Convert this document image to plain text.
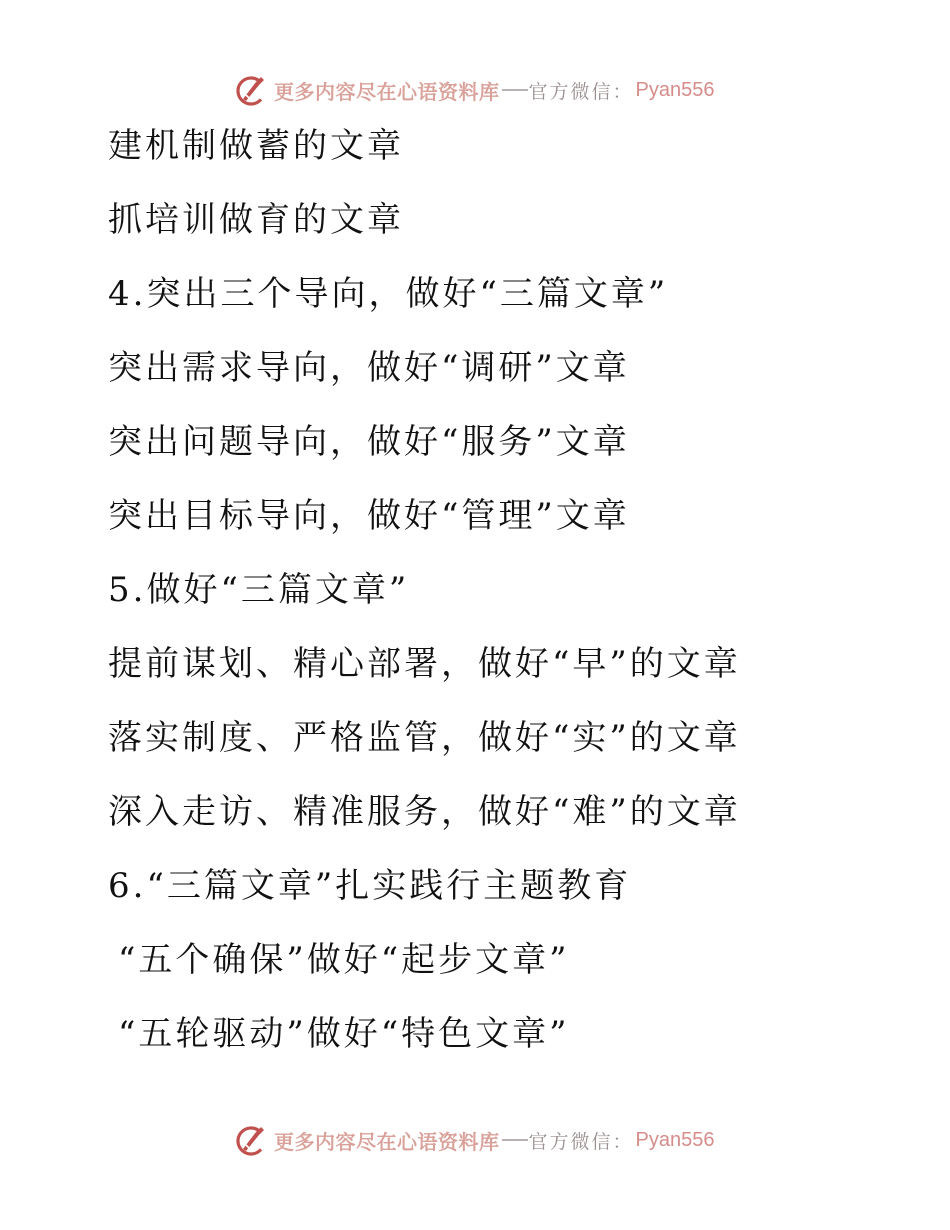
更多内容尽在心语资料库 官方微信： Pyan556
建机制做蓄的文章
抓培训做育的文章
4.突出三个导向，做好“三篇文章”
突出需求导向，做好“调研”文章
突出问题导向，做好“服务”文章
突出目标导向，做好“管理”文章
5.做好“三篇文章”
提前谋划、精心部署，做好“早”的文章
落实制度、严格监管，做好“实”的文章
深入走访、精准服务，做好“难”的文章
6.“三篇文章”扎实践行主题教育
“五个确保”做好“起步文章”
“五轮驱动”做好“特色文章”
更多内容尽在心语资料库 官方微信： Pyan556
